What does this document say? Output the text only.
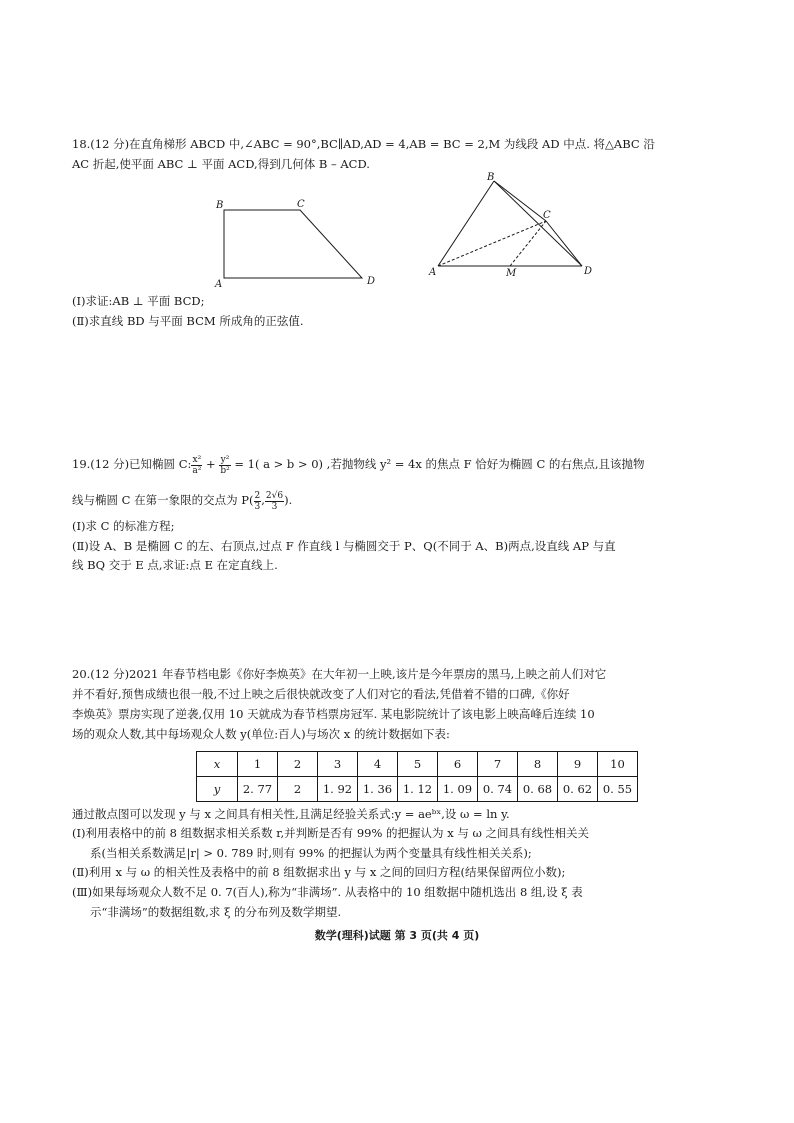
18.(12 分)在直角梯形 ABCD 中,∠ABC = 90°,BC∥AD,AD = 4,AB = BC = 2,M 为线段 AD 中点. 将△ABC 沿
AC 折起,使平面 ABC ⊥ 平面 ACD,得到几何体 B – ACD.
B	C
A	D
B
C
A	M	D
(Ⅰ)求证:AB ⊥ 平面 BCD;
(Ⅱ)求直线 BD 与平面 BCM 所成角的正弦值.
19.(12 分)已知椭圆 C: $\frac{\text{x²}}{\text{a²}} + \frac{\text{y²}}{\text{b²}} = 1$( a > b > 0) ,若抛物线 y² = 4x 的焦点 F 恰好为椭圆 C 的右焦点,且该抛物
线与椭圆 C 在第一象限的交点为 $P( \frac{2}{3}$ , $\frac{2√6}{3}$ ).
(Ⅰ)求 C 的标准方程;
(Ⅱ)设 A、B 是椭圆 C 的左、右顶点,过点 F 作直线 l 与椭圆交于 P、Q(不同于 A、B)两点,设直线 AP 与直
线 BQ 交于 E 点,求证:点 E 在定直线上.
20.(12 分)2021 年春节档电影《你好李焕英》在大年初一上映,该片是今年票房的黑马,上映之前人们对它
并不看好,预售成绩也很一般,不过上映之后很快就改变了人们对它的看法,凭借着不错的口碑,《你好
李焕英》票房实现了逆袭,仅用 10 天就成为春节档票房冠军. 某电影院统计了该电影上映高峰后连续 10
场的观众人数,其中每场观众人数 y(单位:百人)与场次 x 的统计数据如下表:
x	1	2	3	4	5	6	7	8	9	10
y	2. 77	2	1. 92	1. 36	1. 12	1. 09	0. 74	0. 68	0. 62	0. 55
通过散点图可以发现 y 与 x 之间具有相关性,且满足经验关系式:y = aeᵇˣ,设 ω = ln y.
(Ⅰ)利用表格中的前 8 组数据求相关系数 r,并判断是否有 99% 的把握认为 x 与 ω 之间具有线性相关关
系(当相关系数满足|r| > 0. 789 时,则有 99% 的把握认为两个变量具有线性相关关系);
(Ⅱ)利用 x 与 ω 的相关性及表格中的前 8 组数据求出 y 与 x 之间的回归方程(结果保留两位小数);
(Ⅲ)如果每场观众人数不足 0. 7(百人),称为“非满场”. 从表格中的 10 组数据中随机选出 8 组,设 ξ 表
示“非满场”的数据组数,求 ξ 的分布列及数学期望.
数学(理科)试题 第 3 页(共 4 页)
